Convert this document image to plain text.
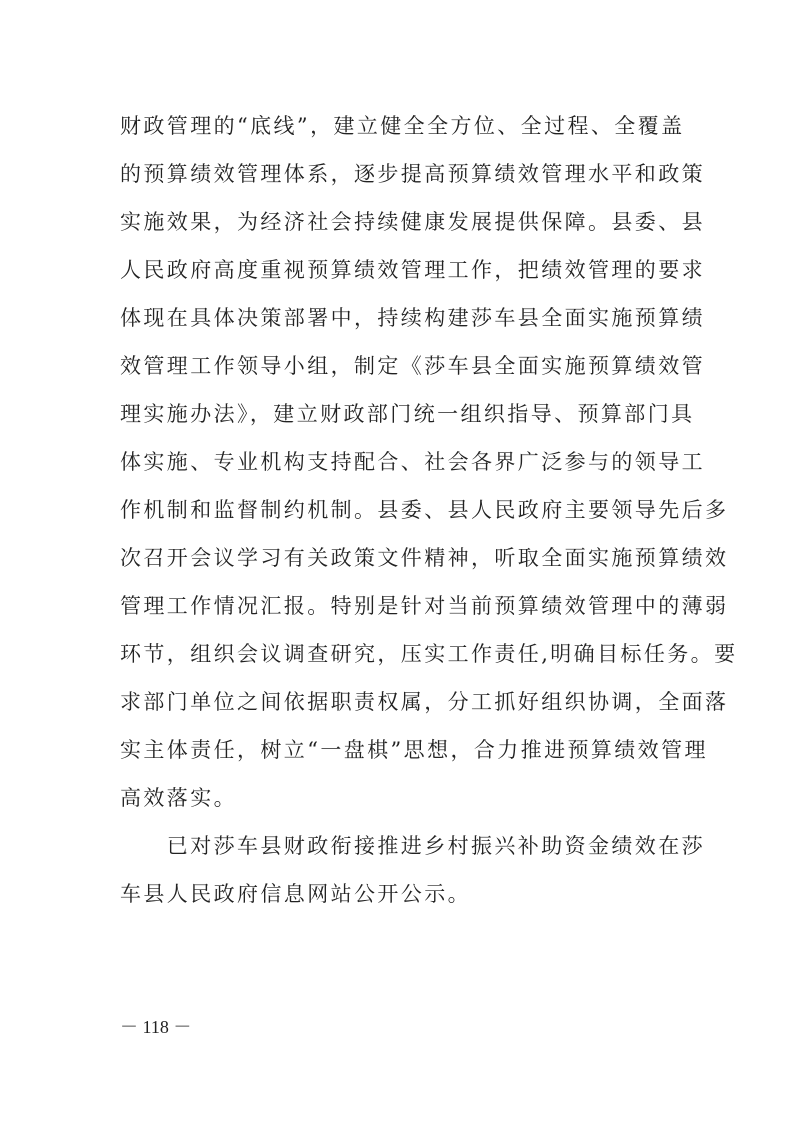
财政管理的“底线”，建立健全全方位、全过程、全覆盖
的预算绩效管理体系，逐步提高预算绩效管理水平和政策
实施效果，为经济社会持续健康发展提供保障。县委、县
人民政府高度重视预算绩效管理工作，把绩效管理的要求
体现在具体决策部署中，持续构建莎车县全面实施预算绩
效管理工作领导小组，制定《莎车县全面实施预算绩效管
理实施办法》，建立财政部门统一组织指导、预算部门具
体实施、专业机构支持配合、社会各界广泛参与的领导工
作机制和监督制约机制。县委、县人民政府主要领导先后多
次召开会议学习有关政策文件精神，听取全面实施预算绩效
管理工作情况汇报。特别是针对当前预算绩效管理中的薄弱
环节，组织会议调查研究，压实工作责任,明确目标任务。要
求部门单位之间依据职责权属，分工抓好组织协调，全面落
实主体责任，树立“一盘棋”思想，合力推进预算绩效管理
高效落实。
　　已对莎车县财政衔接推进乡村振兴补助资金绩效在莎
车县人民政府信息网站公开公示。
－ 118 －
